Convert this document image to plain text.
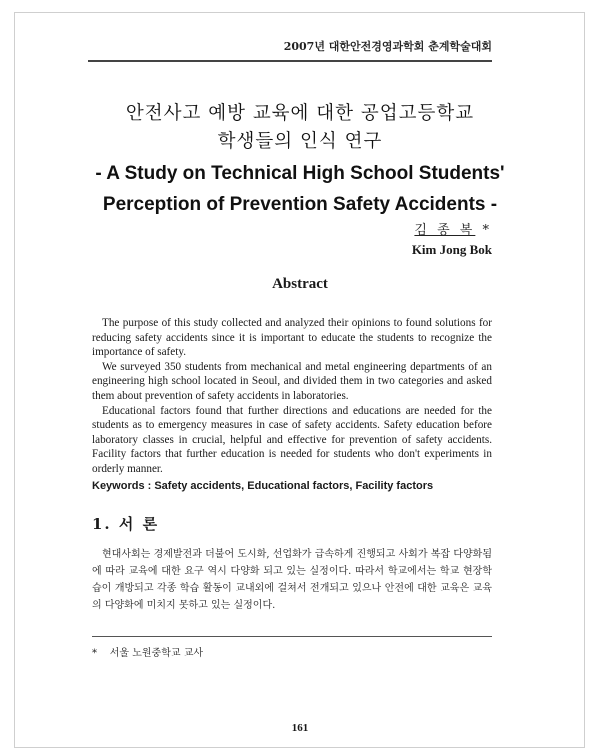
2007년 대한안전경영과학회 춘계학술대회
안전사고 예방 교육에 대한 공업고등학교
학생들의 인식 연구
- A Study on Technical High School Students'
Perception of Prevention Safety Accidents -
김 종 복 *
Kim Jong Bok
Abstract

The purpose of this study collected and analyzed their opinions to found solutions for reducing safety accidents since it is important to educate the students to recognize the importance of safety.

We surveyed 350 students from mechanical and metal engineering departments of an engineering high school located in Seoul, and divided them in two categories and asked them about prevention of safety accidents in laboratories.

Educational factors found that further directions and educations are needed for the students as to emergency measures in case of safety accidents. Safety education before laboratory classes in crucial, helpful and effective for prevention of safety accidents. Facility factors that further education is needed for students who don't experiments in orderly manner.

Keywords : Safety accidents, Educational factors, Facility factors
1. 서 론
현대사회는 경제발전과 더불어 도시화, 선업화가 급속하게 진행되고 사회가 복잡 다양화됨에 따라 교육에 대한 요구 역시 다양화 되고 있는 실정이다. 따라서 학교에서는 학교 현장학습이 개방되고 각종 학습 활동이 교내외에 걸쳐서 전개되고 있으나 안전에 대한 교육은 교육의 다양화에 미치지 못하고 있는 실정이다.
* 서울 노원중학교 교사
161
